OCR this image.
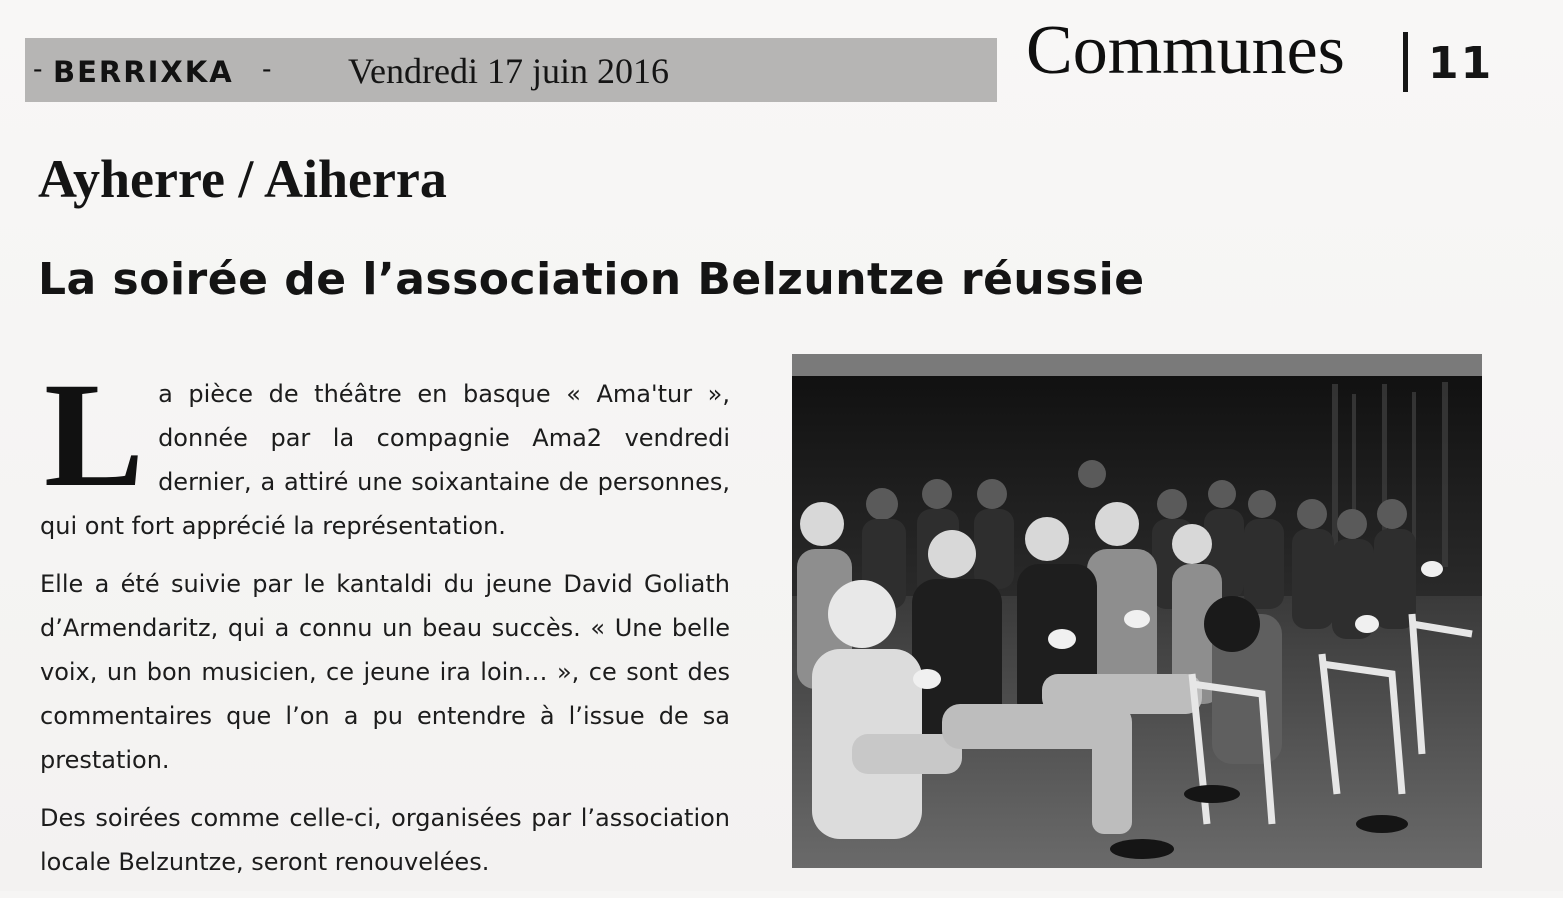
- BERRIXKA - Vendredi 17 juin 2016	Communes 11
Ayherre / Aiherra
La soirée de l’association Belzuntze réussie

La pièce de théâtre en basque « Ama'tur », donnée par la compagnie Ama2 vendredi dernier, a attiré une soixantaine de personnes, qui ont fort apprécié la représentation.

Elle a été suivie par le kantaldi du jeune David Goliath d’Armendaritz, qui a connu un beau succès. « Une belle voix, un bon musicien, ce jeune ira loin… », ce sont des commentaires que l’on a pu entendre à l’issue de sa prestation.

Des soirées comme celle-ci, organisées par l’association locale Belzuntze, seront renouvelées.
